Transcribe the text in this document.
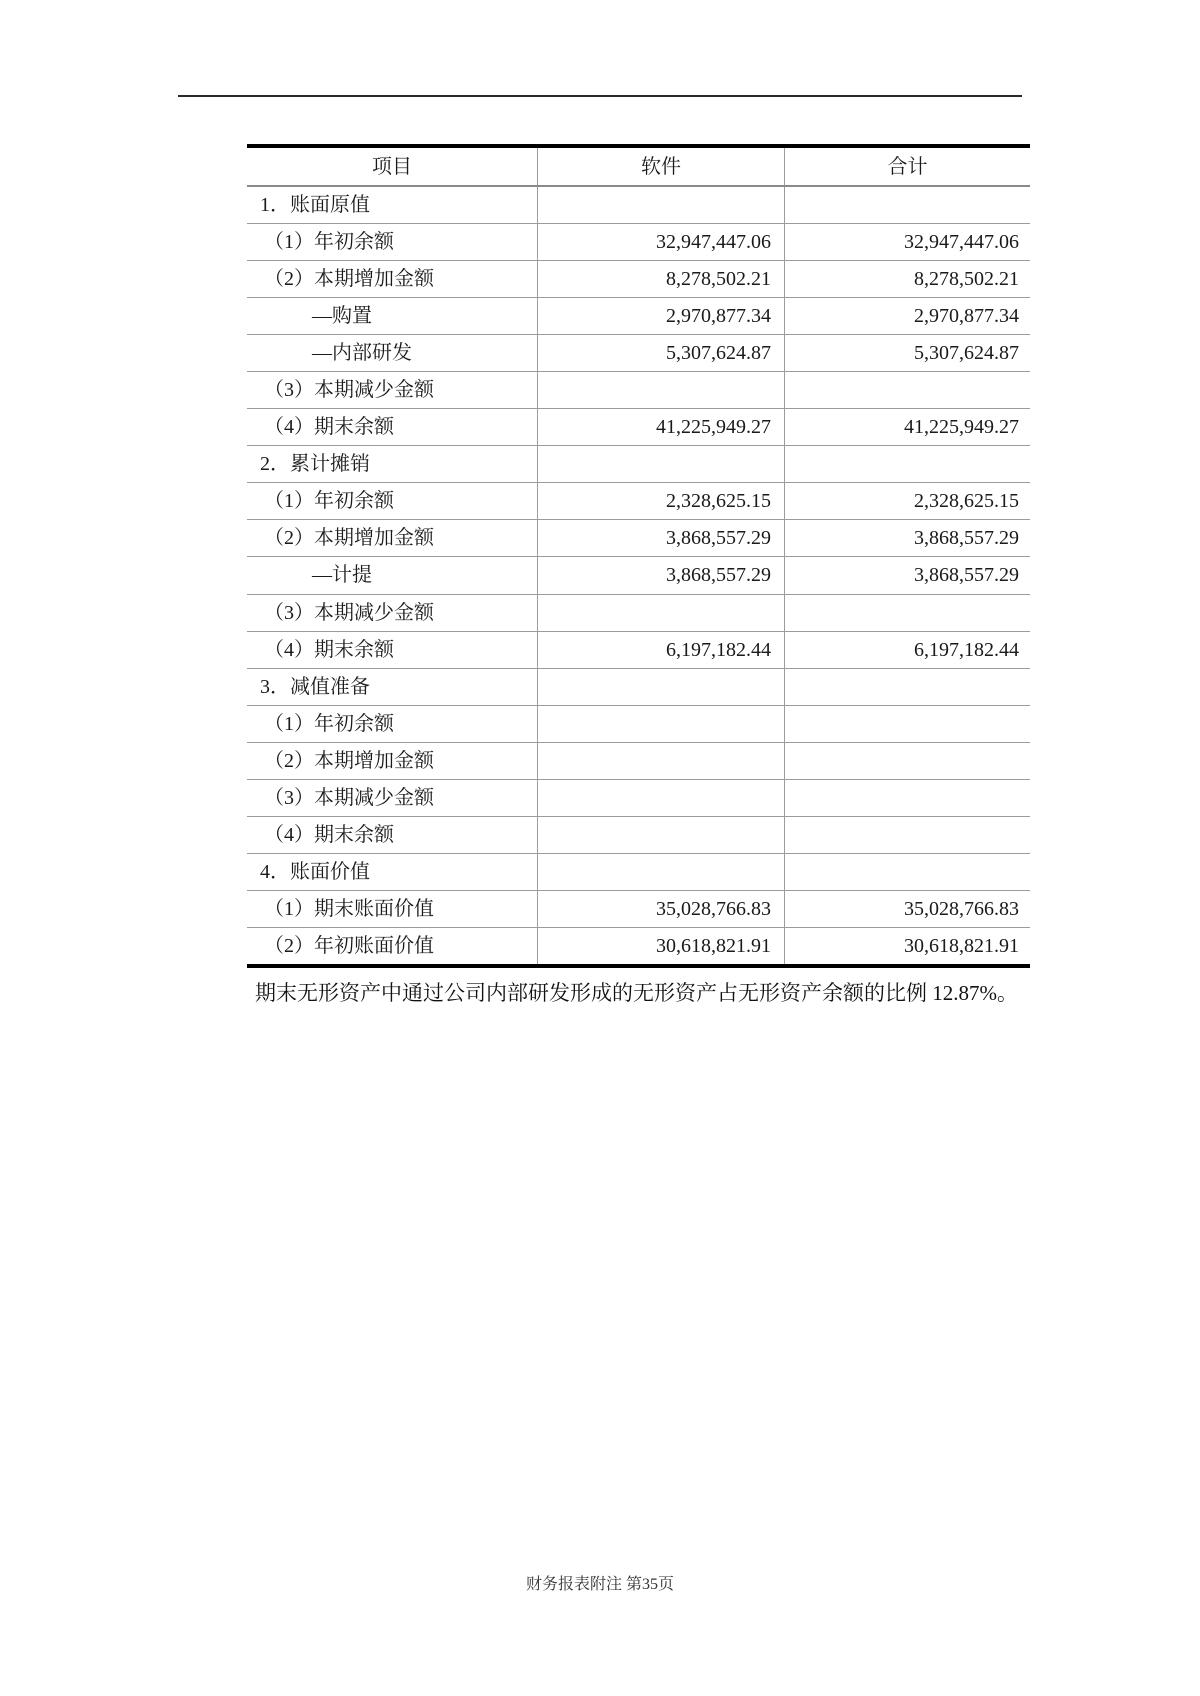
项目	软件	合计
1．账面原值
（1）年初余额	32,947,447.06	32,947,447.06
（2）本期增加金额	8,278,502.21	8,278,502.21
—购置	2,970,877.34	2,970,877.34
—内部研发	5,307,624.87	5,307,624.87
（3）本期减少金额
（4）期末余额	41,225,949.27	41,225,949.27
2．累计摊销
（1）年初余额	2,328,625.15	2,328,625.15
（2）本期增加金额	3,868,557.29	3,868,557.29
—计提	3,868,557.29	3,868,557.29
（3）本期减少金额
（4）期末余额	6,197,182.44	6,197,182.44
3．减值准备
（1）年初余额
（2）本期增加金额
（3）本期减少金额
（4）期末余额
4．账面价值
（1）期末账面价值	35,028,766.83	35,028,766.83
（2）年初账面价值	30,618,821.91	30,618,821.91
期末无形资产中通过公司内部研发形成的无形资产占无形资产余额的比例 12.87%。
财务报表附注 第35页
